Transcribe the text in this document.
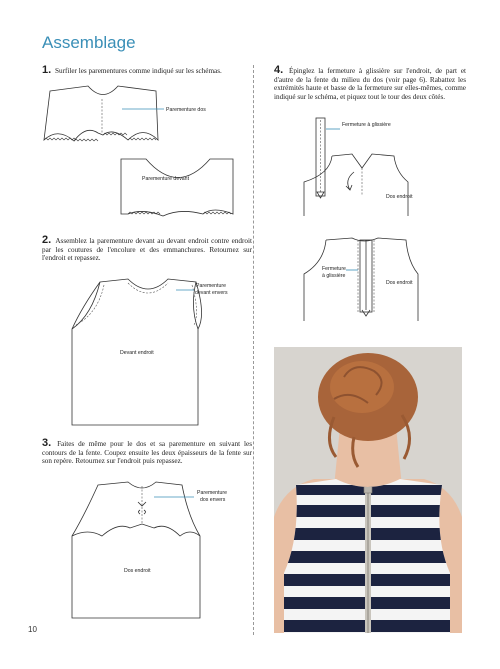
Assemblage
1. Surfiler les parementures comme indiqué sur les schémas.
Parementure dos
Parementure devant
2. Assemblez la parementure devant au devant endroit contre endroit par les coutures de l'encolure et des emmanchures. Retournez sur l'endroit et repassez.
Parementure
devant envers
Devant endroit
3. Faites de même pour le dos et sa parementure en suivant les contours de la fente. Coupez ensuite les deux épaisseurs de la fente sur son repère. Retournez sur l'endroit puis repassez.
Parementure
dos envers
Dos endroit
4. Épinglez la fermeture à glissière sur l'endroit, de part et d'autre de la fente du milieu du dos (voir page 6). Rabattez les extrémités haute et basse de la fermeture sur elles-mêmes, comme indiqué sur le schéma, et piquez tout le tour des deux côtés.
Fermeture à glissière
Dos endroit
Fermeture
à glissière
Dos endroit
10
